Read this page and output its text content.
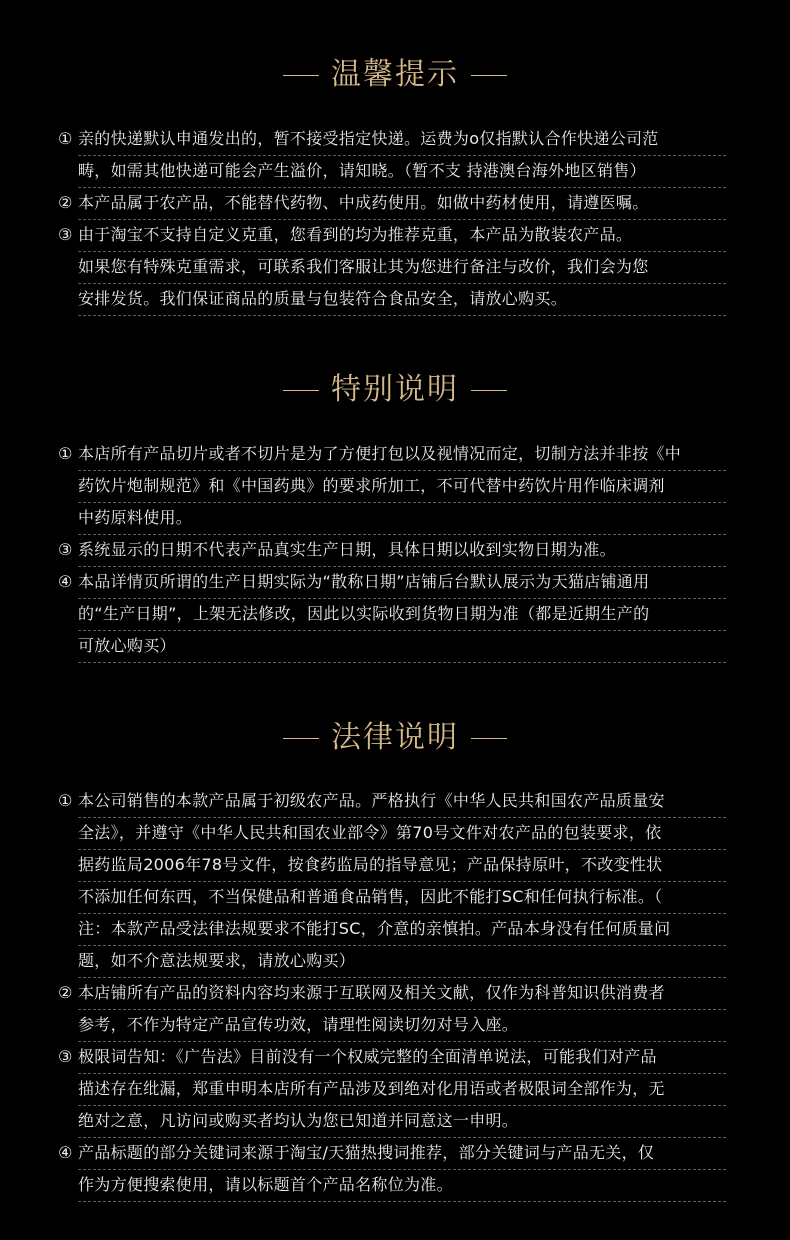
温馨提示
① 亲的快递默认申通发出的，暂不接受指定快递。运费为o仅指默认合作快递公司范
畴，如需其他快递可能会产生溢价，请知晓。（暂不支 持港澳台海外地区销售）
② 本产品属于农产品，不能替代药物、中成药使用。如做中药材使用，请遵医嘱。
③ 由于淘宝不支持自定义克重，您看到的均为推荐克重，本产品为散装农产品。
如果您有特殊克重需求，可联系我们客服让其为您进行备注与改价，我们会为您
安排发货。我们保证商品的质量与包装符合食品安全，请放心购买。
特别说明
① 本店所有产品切片或者不切片是为了方便打包以及视情况而定，切制方法并非按《中
药饮片炮制规范》和《中国药典》的要求所加工，不可代替中药饮片用作临床调剂
中药原料使用。
③ 系统显示的日期不代表产品真实生产日期，具体日期以收到实物日期为准。
④ 本品详情页所谓的生产日期实际为“散称日期”店铺后台默认展示为天猫店铺通用
的“生产日期”，上架无法修改，因此以实际收到货物日期为准（都是近期生产的
可放心购买）
法律说明
① 本公司销售的本款产品属于初级农产品。严格执行《中华人民共和国农产品质量安
全法》，并遵守《中华人民共和国农业部令》第70号文件对农产品的包装要求，依
据药监局2006年78号文件，按食药监局的指导意见；产品保持原叶，不改变性状
不添加任何东西，不当保健品和普通食品销售，因此不能打SC和任何执行标准。（
注：本款产品受法律法规要求不能打SC，介意的亲慎拍。产品本身没有任何质量问
题，如不介意法规要求，请放心购买）
② 本店铺所有产品的资料内容均来源于互联网及相关文献，仅作为科普知识供消费者
参考，不作为特定产品宣传功效，请理性阅读切勿对号入座。
③ 极限词告知：《广告法》目前没有一个权威完整的全面清单说法，可能我们对产品
描述存在纰漏，郑重申明本店所有产品涉及到绝对化用语或者极限词全部作为，无
绝对之意，凡访问或购买者均认为您已知道并同意这一申明。
④ 产品标题的部分关键词来源于淘宝/天猫热搜词推荐，部分关键词与产品无关，仅
作为方便搜索使用，请以标题首个产品名称位为准。
